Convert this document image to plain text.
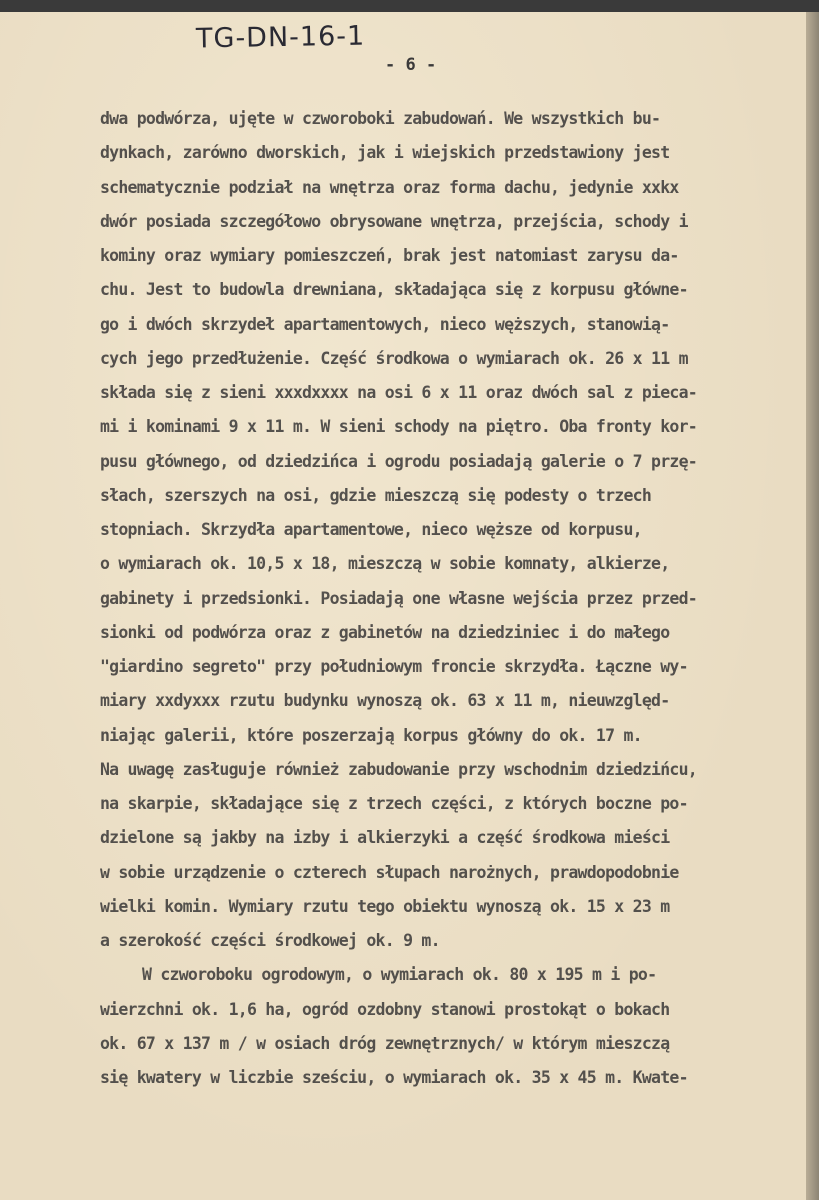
TG-DN-16-1
- 6 -
dwa podwórza, ujęte w czworoboki zabudowań. We wszystkich bu-
dynkach, zarówno dworskich, jak i wiejskich przedstawiony jest
schematycznie podział na wnętrza oraz forma dachu, jedynie xxkx
dwór posiada szczegółowo obrysowane wnętrza, przejścia, schody i
kominy oraz wymiary pomieszczeń, brak jest natomiast zarysu da-
chu. Jest to budowla drewniana, składająca się z korpusu główne-
go i dwóch skrzydeł apartamentowych, nieco węższych, stanowią-
cych jego przedłużenie. Część środkowa o wymiarach ok. 26 x 11 m
składa się z sieni xxxdxxxx na osi 6 x 11 oraz dwóch sal z pieca-
mi i kominami 9 x 11 m. W sieni schody na piętro. Oba fronty kor-
pusu głównego, od dziedzińca i ogrodu posiadają galerie o 7 przę-
słach, szerszych na osi, gdzie mieszczą się podesty o trzech
stopniach. Skrzydła apartamentowe, nieco węższe od korpusu,
o wymiarach ok. 10,5 x 18, mieszczą w sobie komnaty, alkierze,
gabinety i przedsionki. Posiadają one własne wejścia przez przed-
sionki od podwórza oraz z gabinetów na dziedziniec i do małego
"giardino segreto" przy południowym froncie skrzydła. Łączne wy-
miary xxdyxxx rzutu budynku wynoszą ok. 63 x 11 m, nieuwzględ-
niając galerii, które poszerzają korpus główny do ok. 17 m.
Na uwagę zasługuje również zabudowanie przy wschodnim dziedzińcu,
na skarpie, składające się z trzech części, z których boczne po-
dzielone są jakby na izby i alkierzyki a część środkowa mieści
w sobie urządzenie o czterech słupach narożnych, prawdopodobnie
wielki komin. Wymiary rzutu tego obiektu wynoszą ok. 15 x 23 m
a szerokość części środkowej ok. 9 m.
W czworoboku ogrodowym, o wymiarach ok. 80 x 195 m i po-
wierzchni ok. 1,6 ha, ogród ozdobny stanowi prostokąt o bokach
ok. 67 x 137 m / w osiach dróg zewnętrznych/ w którym mieszczą
się kwatery w liczbie sześciu, o wymiarach ok. 35 x 45 m. Kwate-
